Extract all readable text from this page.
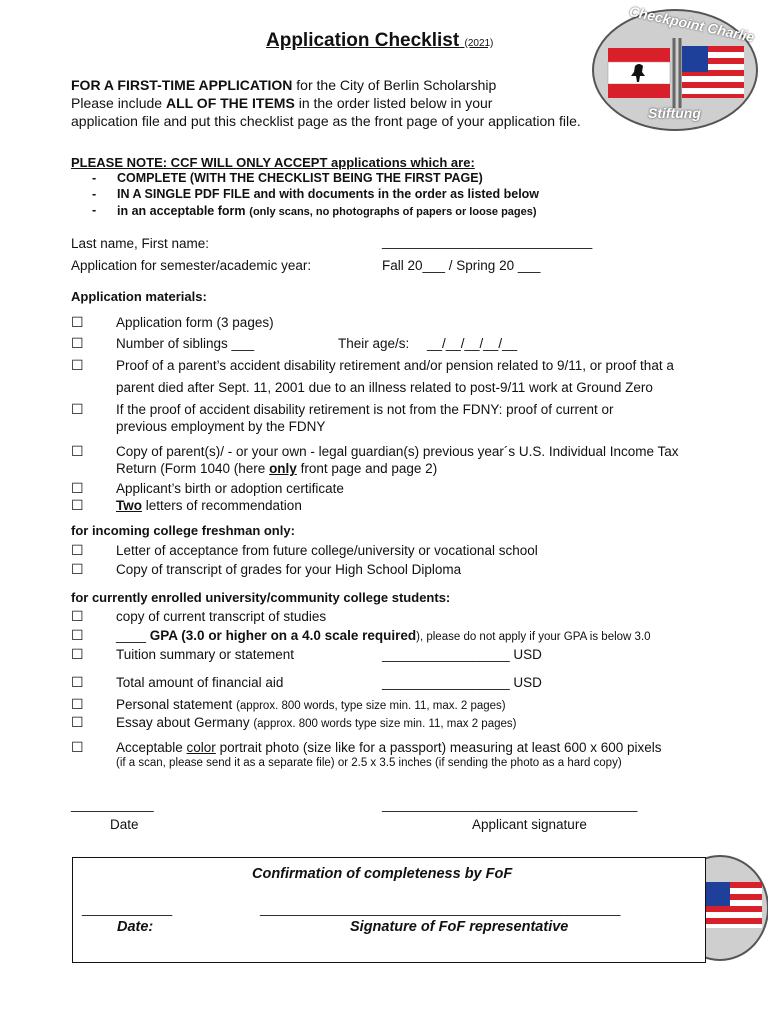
Checkpoint Charlie
Stiftung
Application Checklist (2021)
FOR A FIRST-TIME APPLICATION for the City of Berlin Scholarship
Please include ALL OF THE ITEMS in the order listed below in your
application file and put this checklist page as the front page of your application file.
PLEASE NOTE: CCF WILL ONLY ACCEPT applications which are:
- COMPLETE (WITH THE CHECKLIST BEING THE FIRST PAGE)
- IN A SINGLE PDF FILE and with documents in the order as listed below
- in an acceptable form (only scans, no photographs of papers or loose pages)
Last name, First name:	____________________________
Application for semester/academic year:	Fall 20___ / Spring 20 ___
Application materials:
☐ Application form (3 pages)
☐ Number of siblings ___	Their age/s: __/__/__/__/__
☐ Proof of a parent’s accident disability retirement and/or pension related to 9/11, or proof that a
parent died after Sept. 11, 2001 due to an illness related to post-9/11 work at Ground Zero
☐ If the proof of accident disability retirement is not from the FDNY: proof of current or
previous employment by the FDNY
☐ Copy of parent(s)/ - or your own - legal guardian(s) previous year´s U.S. Individual Income Tax
Return (Form 1040 (here only front page and page 2)
☐ Applicant’s birth or adoption certificate
☐ Two letters of recommendation
for incoming college freshman only:
☐ Letter of acceptance from future college/university or vocational school
☐ Copy of transcript of grades for your High School Diploma
for currently enrolled university/community college students:
☐ copy of current transcript of studies
☐ ____ GPA (3.0 or higher on a 4.0 scale required), please do not apply if your GPA is below 3.0
☐ Tuition summary or statement	_________________ USD
☐ Total amount of financial aid	_________________ USD
☐ Personal statement (approx. 800 words, type size min. 11, max. 2 pages)
☐ Essay about Germany (approx. 800 words type size min. 11, max 2 pages)
☐ Acceptable color portrait photo (size like for a passport) measuring at least 600 x 600 pixels
(if a scan, please send it as a separate file) or 2.5 x 3.5 inches (if sending the photo as a hard copy)
___________
Date
__________________________________
Applicant signature
Confirmation of completeness by FoF
____________
Date:
________________________________________________
Signature of FoF representative
